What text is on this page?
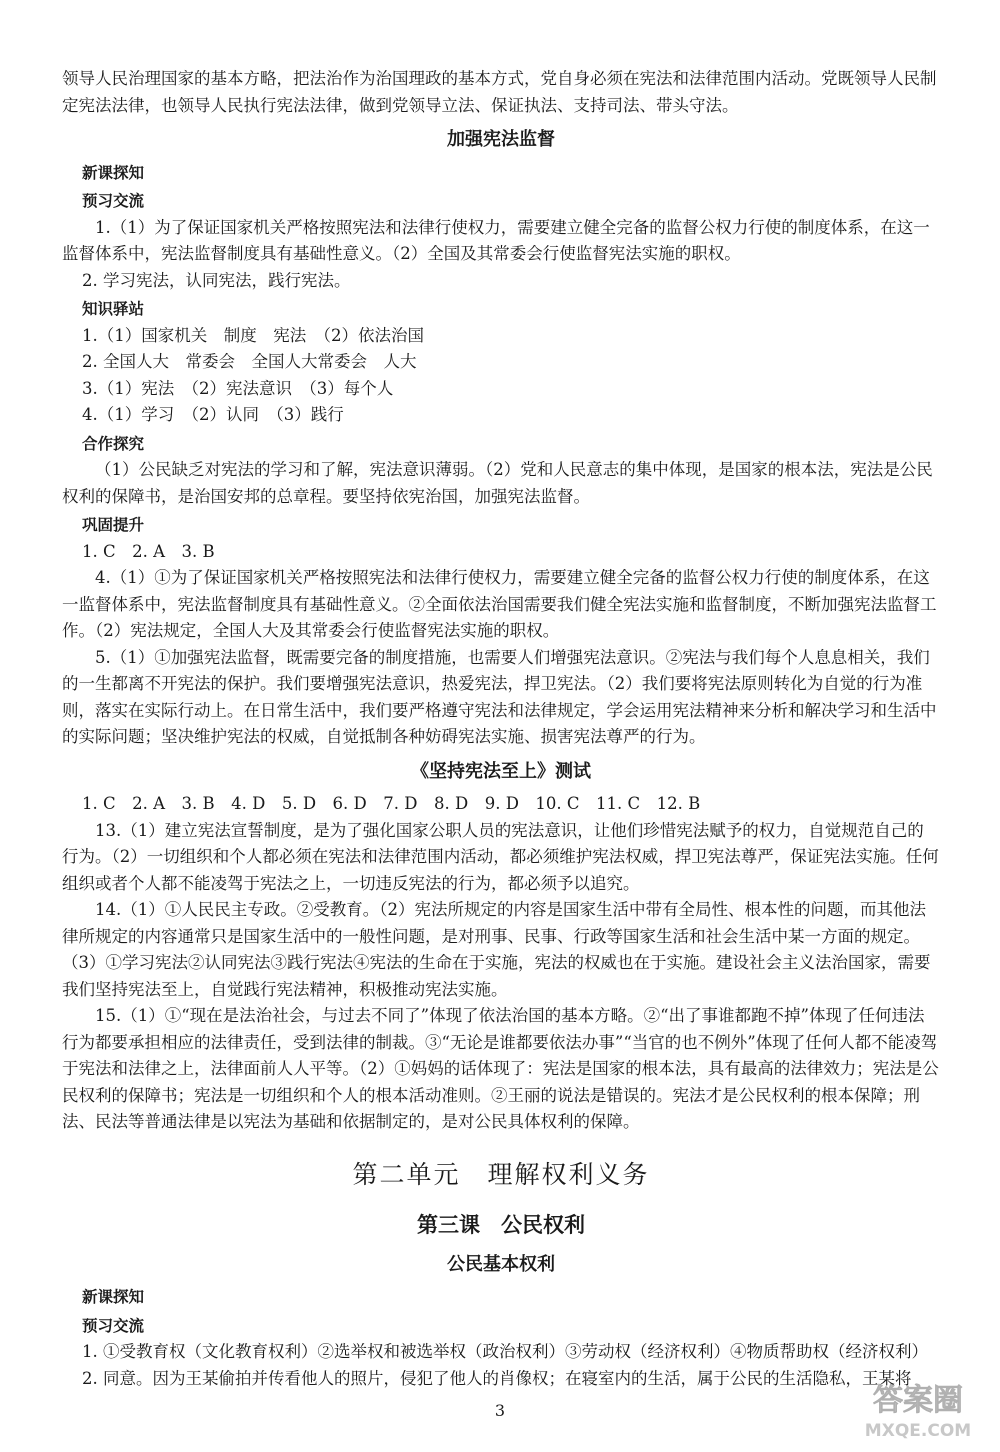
领导人民治理国家的基本方略，把法治作为治国理政的基本方式，党自身必须在宪法和法律范围内活动。党既领导人民制定宪法法律，也领导人民执行宪法法律，做到党领导立法、保证执法、支持司法、带头守法。

加强宪法监督
新课探知
预习交流

1.（1）为了保证国家机关严格按照宪法和法律行使权力，需要建立健全完备的监督公权力行使的制度体系，在这一监督体系中，宪法监督制度具有基础性意义。（2）全国及其常委会行使监督宪法实施的职权。

2. 学习宪法，认同宪法，践行宪法。

知识驿站

1.（1）国家机关　制度　宪法　（2）依法治国

2. 全国人大　常委会　全国人大常委会　人大

3.（1）宪法　（2）宪法意识　（3）每个人

4.（1）学习　（2）认同　（3）践行

合作探究

（1）公民缺乏对宪法的学习和了解，宪法意识薄弱。（2）党和人民意志的集中体现，是国家的根本法，宪法是公民权利的保障书，是治国安邦的总章程。要坚持依宪治国，加强宪法监督。

巩固提升

1. C　2. A　3. B

4.（1）①为了保证国家机关严格按照宪法和法律行使权力，需要建立健全完备的监督公权力行使的制度体系，在这一监督体系中，宪法监督制度具有基础性意义。②全面依法治国需要我们健全宪法实施和监督制度，不断加强宪法监督工作。（2）宪法规定，全国人大及其常委会行使监督宪法实施的职权。

5.（1）①加强宪法监督，既需要完备的制度措施，也需要人们增强宪法意识。②宪法与我们每个人息息相关，我们的一生都离不开宪法的保护。我们要增强宪法意识，热爱宪法，捍卫宪法。（2）我们要将宪法原则转化为自觉的行为准则，落实在实际行动上。在日常生活中，我们要严格遵守宪法和法律规定，学会运用宪法精神来分析和解决学习和生活中的实际问题；坚决维护宪法的权威，自觉抵制各种妨碍宪法实施、损害宪法尊严的行为。

《坚持宪法至上》测试

1. C　2. A　3. B　4. D　5. D　6. D　7. D　8. D　9. D　10. C　11. C　12. B

13.（1）建立宪法宣誓制度，是为了强化国家公职人员的宪法意识，让他们珍惜宪法赋予的权力，自觉规范自己的行为。（2）一切组织和个人都必须在宪法和法律范围内活动，都必须维护宪法权威，捍卫宪法尊严，保证宪法实施。任何组织或者个人都不能凌驾于宪法之上，一切违反宪法的行为，都必须予以追究。

14.（1）①人民民主专政。②受教育。（2）宪法所规定的内容是国家生活中带有全局性、根本性的问题，而其他法律所规定的内容通常只是国家生活中的一般性问题，是对刑事、民事、行政等国家生活和社会生活中某一方面的规定。（3）①学习宪法②认同宪法③践行宪法④宪法的生命在于实施，宪法的权威也在于实施。建设社会主义法治国家，需要我们坚持宪法至上，自觉践行宪法精神，积极推动宪法实施。

15.（1）①“现在是法治社会，与过去不同了”体现了依法治国的基本方略。②“出了事谁都跑不掉”体现了任何违法行为都要承担相应的法律责任，受到法律的制裁。③“无论是谁都要依法办事”“当官的也不例外”体现了任何人都不能凌驾于宪法和法律之上，法律面前人人平等。（2）①妈妈的话体现了：宪法是国家的根本法，具有最高的法律效力；宪法是公民权利的保障书；宪法是一切组织和个人的根本活动准则。②王丽的说法是错误的。宪法才是公民权利的根本保障；刑法、民法等普通法律是以宪法为基础和依据制定的，是对公民具体权利的保障。

第二单元　理解权利义务
第三课　公民权利
公民基本权利
新课探知
预习交流

1. ①受教育权（文化教育权利）②选举权和被选举权（政治权利）③劳动权（经济权利）④物质帮助权（经济权利）

2. 同意。因为王某偷拍并传看他人的照片，侵犯了他人的肖像权；在寝室内的生活，属于公民的生活隐私，王某将

3	答案圈
MXQE.COM
